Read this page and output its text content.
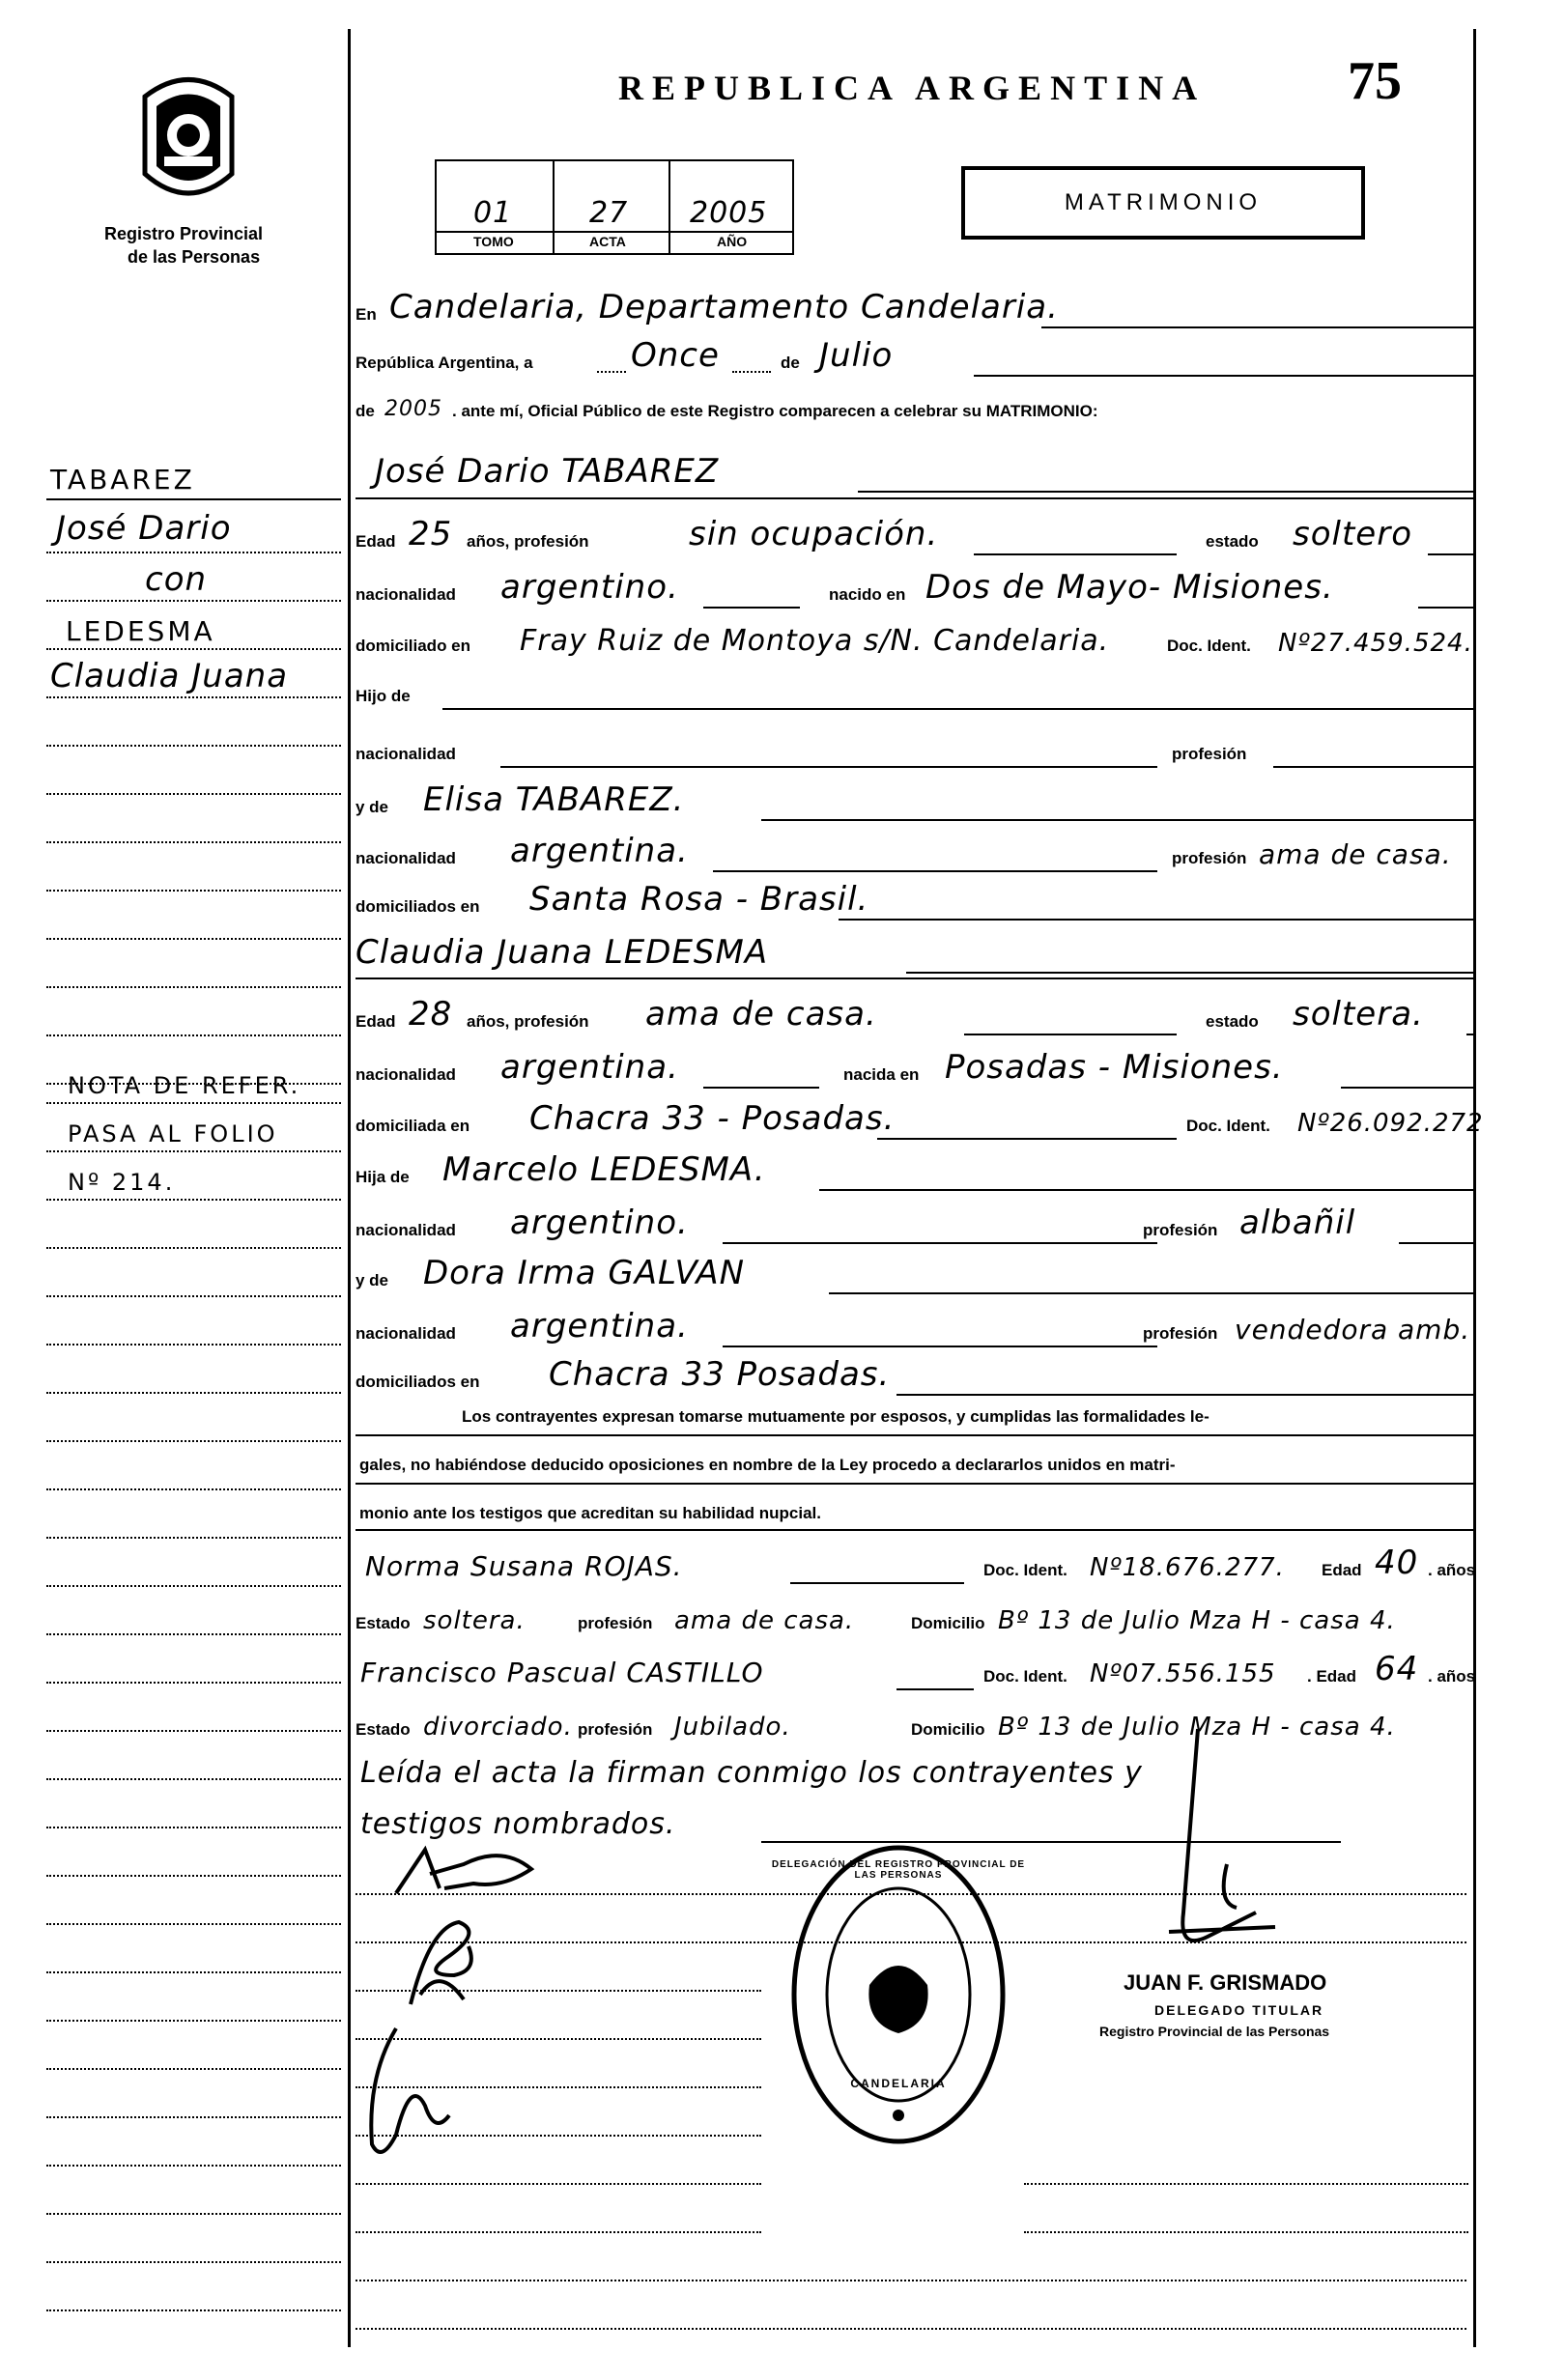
Registro Provincial
de las Personas
REPUBLICA ARGENTINA	75
01
TOMO
27
ACTA
2005
AÑO
MATRIMONIO
TABAREZ
José Dario
con
LEDESMA
Claudia Juana
NOTA DE REFER.
PASA AL FOLIO
Nº 214.
En Candelaria, Departamento Candelaria.
República Argentina, a	Once	de Julio
de 2005 . ante mí, Oficial Público de este Registro comparecen a celebrar su MATRIMONIO:
José Dario TABAREZ
Edad 25 años, profesión	sin ocupación.	estado soltero
nacionalidad argentino.	nacido en Dos de Mayo- Misiones.
domiciliado en Fray Ruiz de Montoya s/N. Candelaria.	Doc. Ident. Nº27.459.524.
Hijo de
nacionalidad	profesión
y de Elisa TABAREZ.
nacionalidad argentina.	profesión ama de casa.
domiciliados en Santa Rosa - Brasil.
Claudia Juana LEDESMA
Edad 28 años, profesión ama de casa.	estado soltera.
nacionalidad argentina.	nacida en Posadas - Misiones.
domiciliada en Chacra 33 - Posadas.	Doc. Ident. Nº26.092.272
Hija de Marcelo LEDESMA.
nacionalidad argentino.	profesión albañil
y de Dora Irma GALVAN
nacionalidad argentina.	profesión vendedora amb.
domiciliados en Chacra 33 Posadas.
Los contrayentes expresan tomarse mutuamente por esposos, y cumplidas las formalidades le-
gales, no habiéndose deducido oposiciones en nombre de la Ley procedo a declararlos unidos en matri-
monio ante los testigos que acreditan su habilidad nupcial.
Norma Susana ROJAS.	Doc. Ident. Nº18.676.277. Edad 40 . años
Estado soltera.	profesión ama de casa.	Domicilio Bº 13 de Julio Mza H - casa 4.
Francisco Pascual CASTILLO	Doc. Ident. Nº07.556.155 . Edad 64 . años
Estado divorciado. profesión Jubilado.	Domicilio Bº 13 de Julio Mza H - casa 4.
Leída el acta la firman conmigo los contrayentes y
testigos nombrados.
DELEGACIÓN DEL REGISTRO PROVINCIAL DE LAS PERSONAS
CANDELARIA
JUAN F. GRISMADO
DELEGADO TITULAR
Registro Provincial de las Personas
